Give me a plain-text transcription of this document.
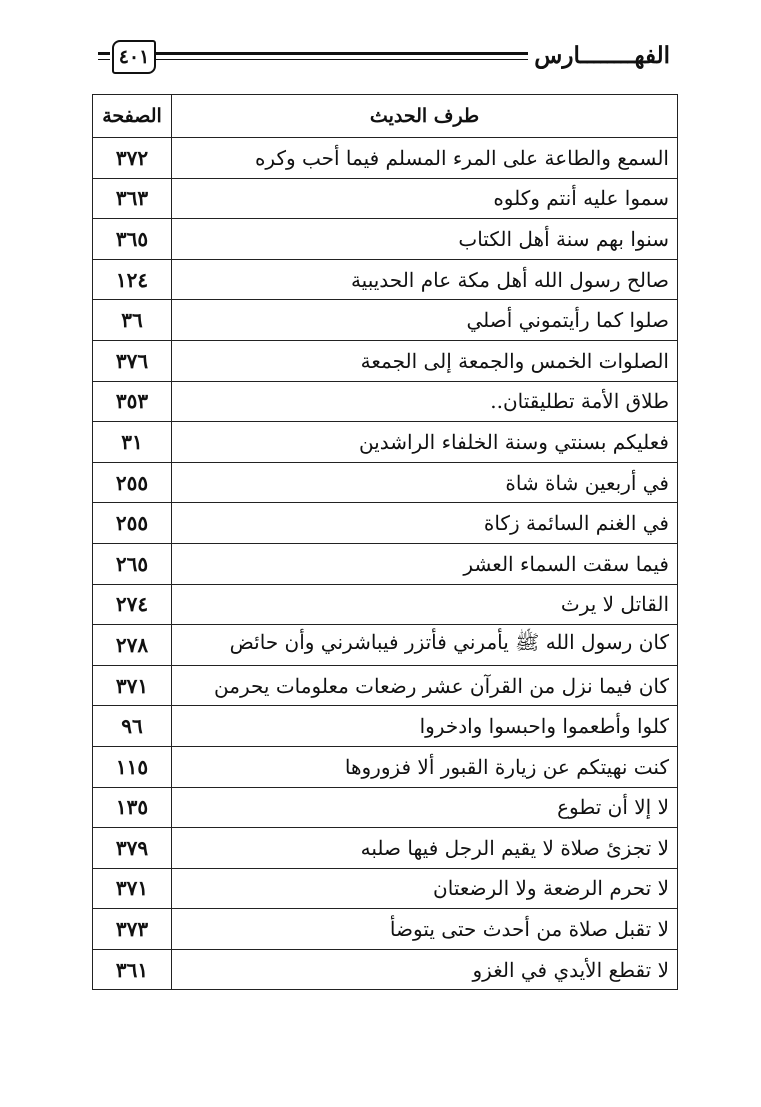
الفهــــــــارس
٤٠١
طرف الحديث	الصفحة
السمع والطاعة على المرء المسلم فيما أحب وكره	٣٧٢
سموا عليه أنتم وكلوه	٣٦٣
سنوا بهم سنة أهل الكتاب	٣٦٥
صالح رسول الله أهل مكة عام الحديبية	١٢٤
صلوا كما رأيتموني أصلي	٣٦
الصلوات الخمس والجمعة إلى الجمعة	٣٧٦
طلاق الأمة تطليقتان..	٣٥٣
فعليكم بسنتي وسنة الخلفاء الراشدين	٣١
في أربعين شاة شاة	٢٥٥
في الغنم السائمة زكاة	٢٥٥
فيما سقت السماء العشر	٢٦٥
القاتل لا يرث	٢٧٤
كان رسول الله ﷺ يأمرني فأتزر فيباشرني وأن حائض	٢٧٨
كان فيما نزل من القرآن عشر رضعات معلومات يحرمن	٣٧١
كلوا وأطعموا واحبسوا وادخروا	٩٦
كنت نهيتكم عن زيارة القبور ألا فزوروها	١١٥
لا إلا أن تطوع	١٣٥
لا تجزئ صلاة لا يقيم الرجل فيها صلبه	٣٧٩
لا تحرم الرضعة ولا الرضعتان	٣٧١
لا تقبل صلاة من أحدث حتى يتوضأ	٣٧٣
لا تقطع الأيدي في الغزو	٣٦١
